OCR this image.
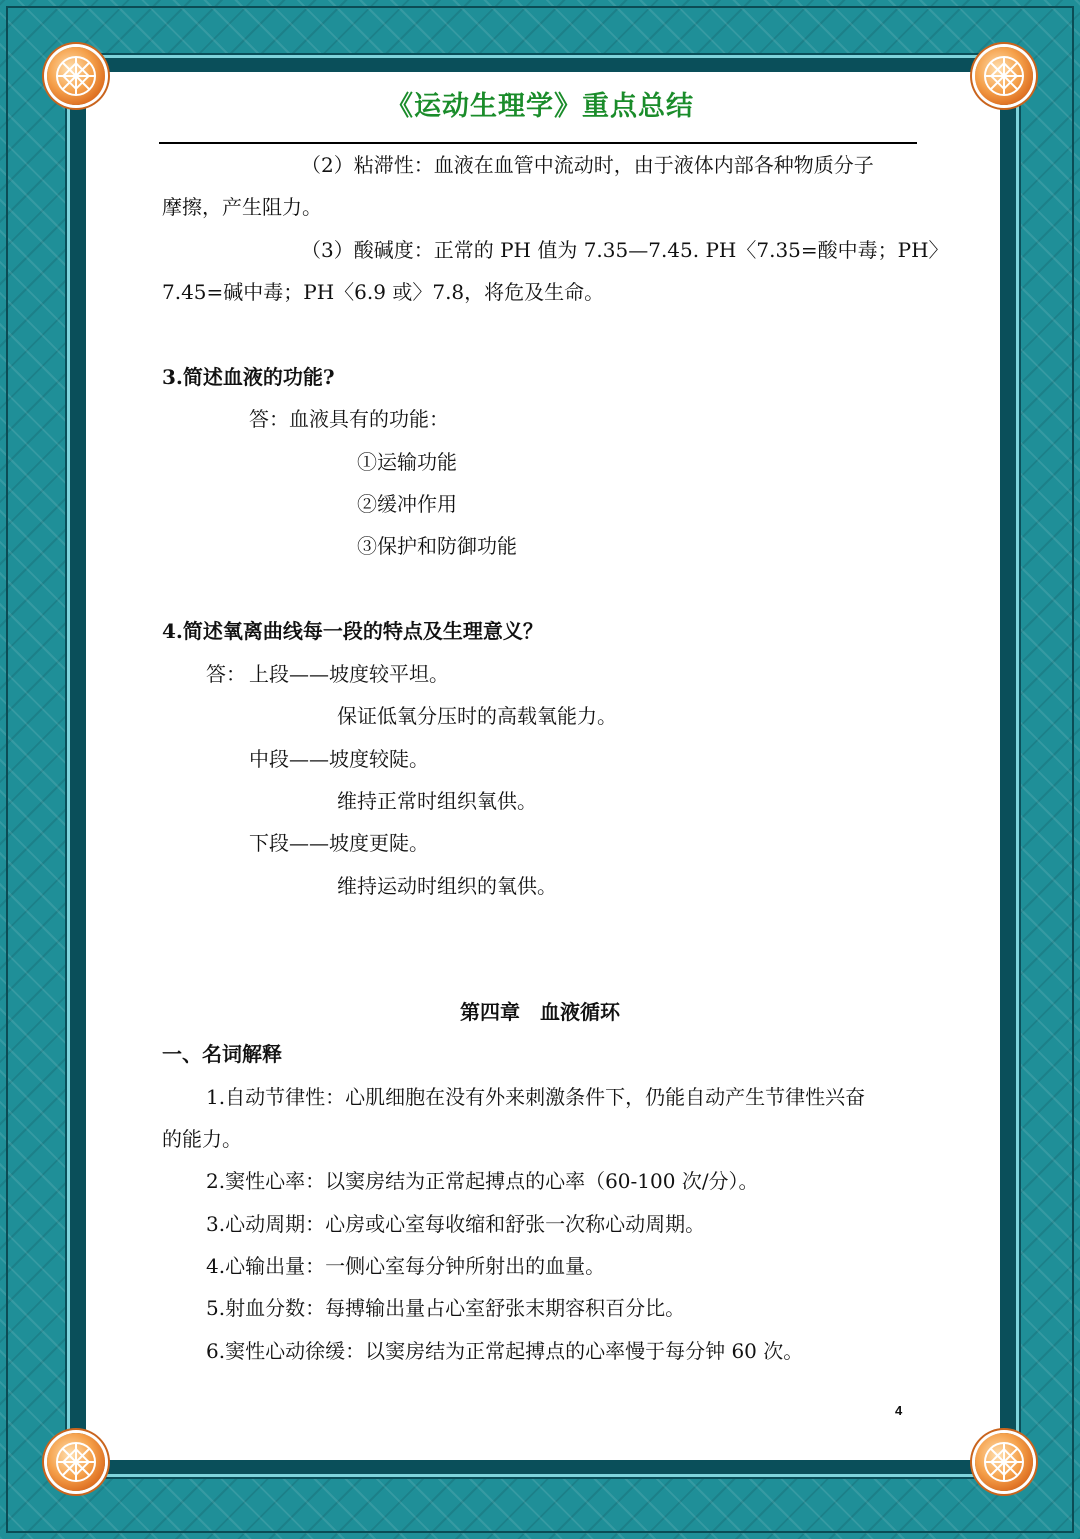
《运动生理学》重点总结
（2）粘滞性：血液在血管中流动时，由于液体内部各种物质分子
摩擦，产生阻力。
（3）酸碱度：正常的 PH 值为 7.35—7.45. PH〈7.35=酸中毒；PH〉
7.45=碱中毒；PH〈6.9 或〉7.8，将危及生命。
3.简述血液的功能?
答：血液具有的功能：
①运输功能
②缓冲作用
③保护和防御功能
4.简述氧离曲线每一段的特点及生理意义？
答： 上段——坡度较平坦。
保证低氧分压时的高载氧能力。
中段——坡度较陡。
维持正常时组织氧供。
下段——坡度更陡。
维持运动时组织的氧供。
第四章　血液循环
一、名词解释
1.自动节律性：心肌细胞在没有外来刺激条件下，仍能自动产生节律性兴奋
的能力。
2.窦性心率：以窦房结为正常起搏点的心率（60-100 次/分）。
3.心动周期：心房或心室每收缩和舒张一次称心动周期。
4.心输出量：一侧心室每分钟所射出的血量。
5.射血分数：每搏输出量占心室舒张末期容积百分比。
6.窦性心动徐缓：以窦房结为正常起搏点的心率慢于每分钟 60 次。
4
